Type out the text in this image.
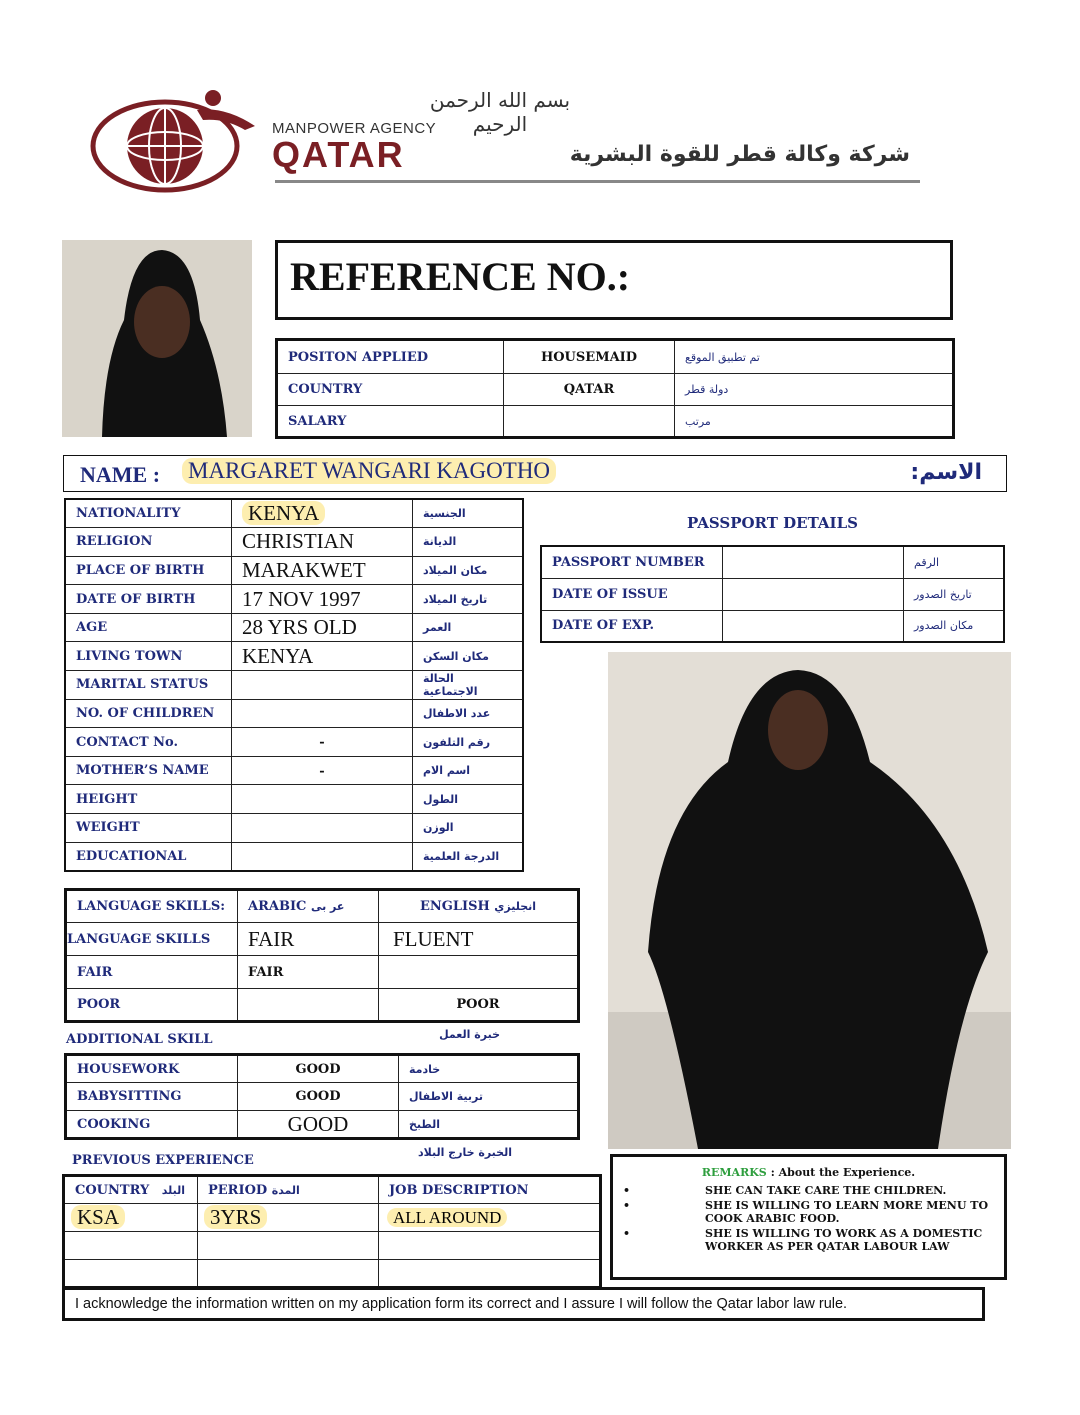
بسم الله الرحمن الرحيم
MANPOWER AGENCY
QATAR	شركة وكالة قطر للقوة البشرية
REFERENCE NO.:
POSITON APPLIED	HOUSEMAID	تم تطبيق الموقع
COUNTRY	QATAR	دولة قطر
SALARY		مرتب
NAME : MARGARET WANGARI KAGOTHO	الاسم:
NATIONALITY	KENYA	الجنسية
RELIGION	CHRISTIAN	الديانة
PLACE OF BIRTH	MARAKWET	مكان الميلاد
DATE OF BIRTH	17 NOV 1997	تاريخ الميلاد
AGE	28 YRS OLD	العمر
LIVING TOWN	KENYA	مكان السكن
MARITAL STATUS		الحالة الاجتماعية
NO. OF CHILDREN		عدد الاطفال
CONTACT No.	-	رقم التلفون
MOTHER’S NAME	-	اسم الام
HEIGHT		الطول
WEIGHT		الوزن
EDUCATIONAL		الدرجة العلمية
PASSPORT DETAILS
PASSPORT NUMBER		الرقم
DATE OF ISSUE		تاريخ الصدور
DATE OF EXP.		مكان الصدور
LANGUAGE SKILLS:	ARABIC عر بى	ENGLISH انجليزي
LANGUAGE SKILLS	FAIR	FLUENT
FAIR	FAIR	
POOR		POOR
ADDITIONAL SKILL	خبرة العمل
HOUSEWORK	GOOD	خادمة
BABYSITTING	GOOD	تربية الاطفال
COOKING	GOOD	الطبخ
PREVIOUS EXPERIENCE
الخبرة خارج البلاد
COUNTRY البلد	PERIOD المدة	JOB DESCRIPTION
KSA	3YRS	ALL AROUND

REMARKS : About the Experience.
•	SHE CAN TAKE CARE THE CHILDREN.
•	SHE IS WILLING TO LEARN MORE MENU TO COOK ARABIC FOOD.
•	SHE IS WILLING TO WORK AS A DOMESTIC WORKER AS PER QATAR LABOUR LAW
I acknowledge the information written on my application form its correct and I assure I will follow the Qatar labor law rule.
